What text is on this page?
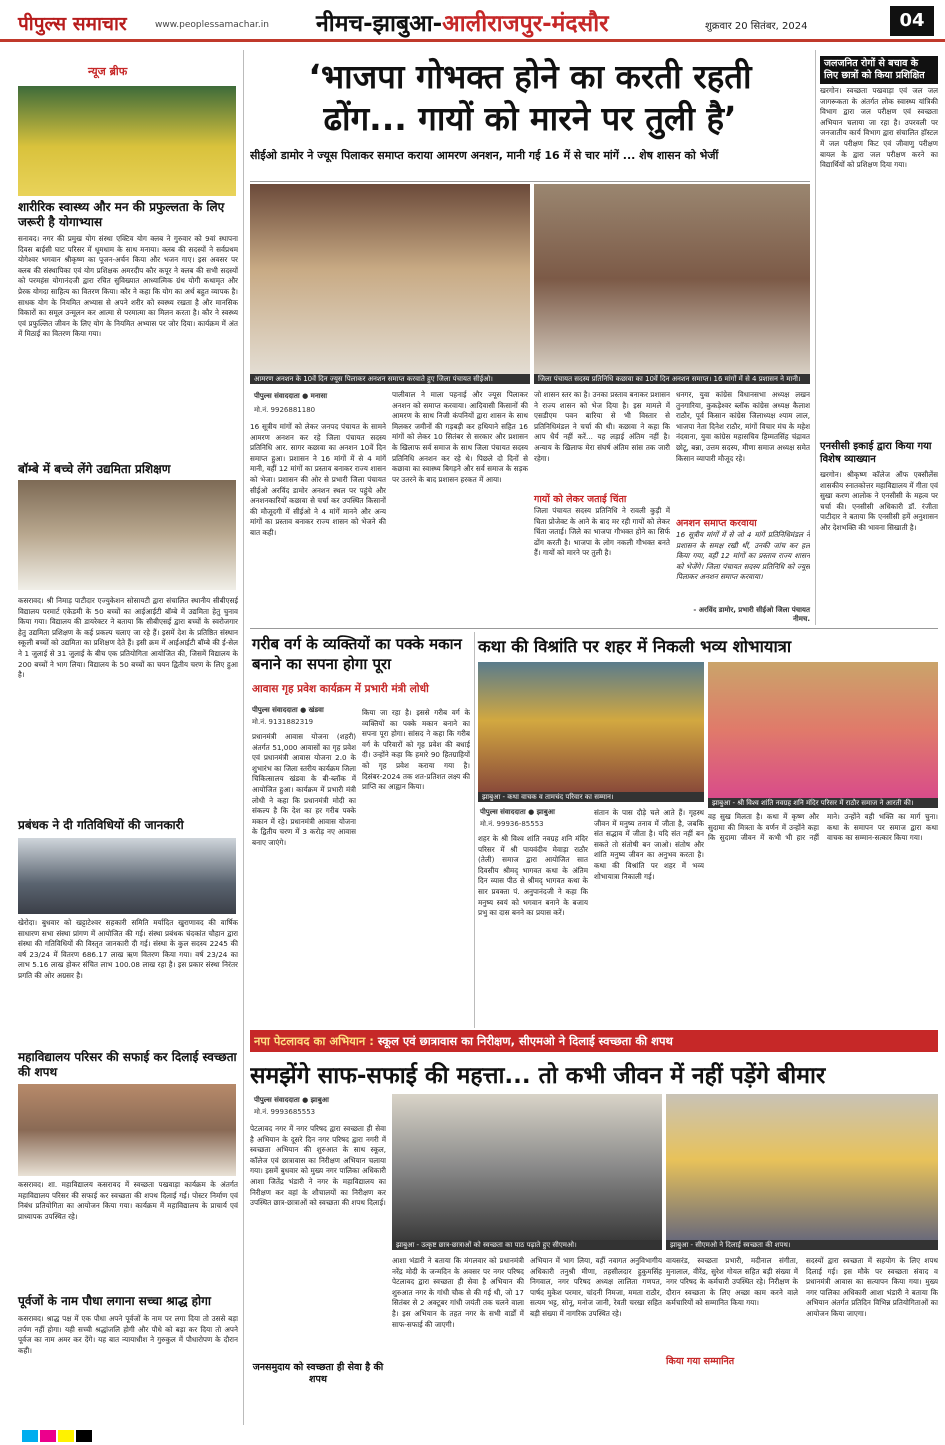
पीपुल्स समाचार	www.peoplessamachar.in नीमच-झाबुआ-आलीराजपुर-मंदसौर	शुक्रवार 20 सितंबर, 2024	04
न्यूज ब्रीफ
शारीरिक स्वास्थ्य और मन की प्रफुल्लता के लिए जरूरी है योगाभ्यास
सनावद। नगर की प्रमुख योग संस्था एक्टिव योग क्लब ने गुरुवार को 9वां स्थापना दिवस बाईसी घाट परिसर में धूमधाम के साथ मनाया। क्लब की सदस्यों ने सर्वप्रथम योगेश्वर भगवान श्रीकृष्ण का पूजन-अर्चन किया और भजन गाए। इस अवसर पर क्लब की संस्थापिका एवं योग प्रशिक्षक अमरदीप कौर कपूर ने क्लब की सभी सदस्यों को परमहंस योगानंदजी द्वारा रचित सुविख्यात आध्यात्मिक ग्रंथ योगी कथामृत और प्रेरक योगदा साहित्य का वितरण किया। कौर ने कहा कि योग का अर्थ बहुत व्यापक है। साधक योग के नियमित अभ्यास से अपने शरीर को स्वस्थ्य रखता है और मानसिक विकारों का समूल उन्मूलन कर आत्मा से परमात्मा का मिलन करता है। कौर ने स्वस्थ्य एवं प्रफुल्लित जीवन के लिए योग के नियमित अभ्यास पर जोर दिया। कार्यक्रम में अंत में मिठाई का वितरण किया गया।
बॉम्बे में बच्चे लेंगे उद्यमिता प्रशिक्षण
कसरावद। श्री निमाड़ पाटीदार एज्युकेशन सोसायटी द्वारा संचालित स्थानीय सीबीएसई विद्यालय परमार्ट एकेडमी के 50 बच्चों का आईआईटी बॉम्बे में उद्यमिता हेतु चुनाव किया गया। विद्यालय की डायरेक्टर ने बताया कि सीबीएसई द्वारा बच्चों के स्वरोजगार हेतु उद्यमिता प्रशिक्षण के कई प्रकल्प चलाए जा रहे हैं। इसमें देश के प्रतिष्ठित संस्थान स्कूली बच्चों को उद्यमिता का प्रशिक्षण देते हैं। इसी क्रम में आईआईटी बॉम्बे की ई-सेल ने 1 जुलाई से 31 जुलाई के बीच एक प्रतियोगिता आयोजित की, जिसमें विद्यालय के 200 बच्चों ने भाग लिया। विद्यालय के 50 बच्चों का चयन द्वितीय चरण के लिए हुआ है।
प्रबंधक ने दी गतिविधियों की जानकारी
खेरोदा। बुधवार को खट्टाटेश्वर सहकारी समिति मर्यादित खुराणावद की वार्षिक साधारण सभा संस्था प्रांगण में आयोजित की गई। संस्था प्रबंधक चंदकांत चौहान द्वारा संस्था की गतिविधियों की विस्तृत जानकारी दी गई। संस्था के कुल सदस्य 2245 की वर्ष 23/24 में वितरण 686.17 लाख ऋण वितरण किया गया। वर्ष 23/24 का लाभ 5.16 लाख होकर संचित लाभ 100.08 लाख रहा है। इस प्रकार संस्था निरंतर प्रगति की ओर अग्रसर है।
महाविद्यालय परिसर की सफाई कर दिलाई स्वच्छता की शपथ
कसरावद। शा. महाविद्यालय कसरावद में स्वच्छता पखवाड़ा कार्यक्रम के अंतर्गत महाविद्यालय परिसर की सफाई कर स्वच्छता की शपथ दिलाई गई। पोस्टर निर्माण एवं निबंध प्रतियोगिता का आयोजन किया गया। कार्यक्रम में महाविद्यालय के प्राचार्य एवं प्राध्यापक उपस्थित रहे।
पूर्वजों के नाम पौधा लगाना सच्चा श्राद्ध होगा
कसरावद। श्राद्ध पक्ष में एक पौधा अपने पूर्वजों के नाम पर लगा दिया तो उससे बड़ा तर्पण नहीं होगा। यही सच्ची श्रद्धांजलि होगी और पौधे को बड़ा कर दिया तो अपने पूर्वज का नाम अमर कर देंगे। यह बात न्यायाधीश ने गुरुकुल में पौधारोपण के दौरान कही।
‘भाजपा गोभक्त होने का करती रहती
ढोंग... गायों को मारने पर तुली है’
सीईओ डामोर ने ज्यूस पिलाकर समाप्त कराया आमरण अनशन, मानी गई 16 में से चार मांगें ... शेष शासन को भेजीं
आमरण अनशन के 10वें दिन ज्यूस पिलाकर अनशन समाप्त करवाते हुए जिला पंचायत सीईओ।	जिला पंचायत सदस्य प्रतिनिधि कछावा का 10वें दिन अनशन समाप्त। 16 मांगों में से 4 प्रशासन ने मानी।
पीपुल्स संवाददाता ● मनासा
मो.नं. 9926881180
16 सूत्रीय मांगों को लेकर जनपद पंचायत के सामने आमरण अनशन कर रहे जिला पंचायत सदस्य प्रतिनिधि आर. सागर कछावा का अनशन 10वें दिन समाप्त हुआ। प्रशासन ने 16 मांगों में से 4 मांगें मानी, वहीं 12 मांगों का प्रस्ताव बनाकर राज्य शासन को भेजा। प्रशासन की ओर से प्रभारी जिला पंचायत सीईओ अरविंद डामोर अनशन स्थल पर पहुंचे और अनशनकारियों कछावा से चर्चा कर उपस्थित किसानों की मौजूदगी में सीईओ ने 4 मांगें मानने और अन्य मांगों का प्रस्ताव बनाकर राज्य शासन को भेजने की बात कही।
पालीवाल ने माला पहनाई और ज्यूस पिलाकर अनशन को समाप्त करवाया। आदिवासी किसानों की आमरण के साथ निजी कंपनियों द्वारा शासन के साथ मिलकर जमीनों की गड़बड़ी कर हथियाने सहित 16 मांगों को लेकर 10 सितंबर से सरकार और प्रशासन के खिलाफ सर्व समाज के साथ जिला पंचायत सदस्य प्रतिनिधि अनशन कर रहे थे। पिछले दो दिनों से कछावा का स्वास्थ्य बिगड़ने और सर्व समाज के सड़क पर उतरने के बाद प्रशासन हरकत में आया।
जो शासन स्तर का है। उनका प्रस्ताव बनाकर प्रशासन ने राज्य शासन को भेज दिया है। इस मामले में एसडीएम पवन बारिया से भी विस्तार से प्रतिनिधिमंडल ने चर्चा की थी। कछावा ने कहा कि आप धैर्य नहीं करें... यह लड़ाई अंतिम नहीं है। अन्याय के खिलाफ मेरा संघर्ष अंतिम सांस तक जारी रहेगा।
गायों को लेकर जताई चिंता
जिला पंचायत सदस्य प्रतिनिधि ने रावली कुड़ी में चिता प्रोजेक्ट के आने के बाद मर रही गायों को लेकर चिंता जताई। जिले का भाजपा गौभक्त होने का सिर्फ ढोंग करती है। भाजपा के लोग नकली गौभक्त बनते हैं। गायों को मारने पर तुली है।
धनगर, युवा कांग्रेस विधानसभा अध्यक्ष लखन तुनगारिया, कुकड़ेश्वर ब्लॉक कांग्रेस अध्यक्ष कैलाश राठौर, पूर्व किसान कांग्रेस जिलाध्यक्ष श्याम लाल, भाजपा नेता दिनेश राठौर, मांगों विचार मंच के महेश नंदवाना, युवा कांग्रेस महासचिव हिम्मतसिंह चंद्रावत छोटू, बन्ना, उत्तम सदस्य, मीणा समाज अध्यक्ष समेत किसान व्यापारी मौजूद रहे।
अनशन समाप्त करवाया
16 सूत्रीय मांगों में से जो 4 मांगें प्रतिनिधिमंडल ने प्रशासन के समक्ष रखी थीं, उनकी जांच कर हल किया गया, वहीं 12 मांगों का प्रस्ताव राज्य शासन को भेजेंगे। जिला पंचायत सदस्य प्रतिनिधि को ज्यूस पिलाकर अनशन समाप्त करवाया।
- अरविंद डामोर, प्रभारी सीईओ जिला पंचायत नीमच.
जलजनित रोगों से बचाव के लिए छात्रों को किया प्रशिक्षित
खरगोन। स्वच्छता पखवाड़ा एवं जल जल जागरूकता के अंतर्गत लोक स्वास्थ्य यांत्रिकी विभाग द्वारा जल परीक्षण एवं स्वच्छता अभियान चलाया जा रहा है। उपरवली पर जनजातीय कार्य विभाग द्वारा संचालित हॉस्टल में जल परीक्षण किट एवं जीवाणु परीक्षण बायल के द्वारा जल परीक्षण करने का विद्यार्थियों को प्रशिक्षण दिया गया।
एनसीसी इकाई द्वारा किया गया विशेष व्याख्यान
खरगोन। श्रीकृष्ण कॉलेज ऑफ एक्सीलेंस शासकीय स्नातकोत्तर महाविद्यालय में गीता एवं सुखा करण आलोक ने एनसीसी के महत्व पर चर्चा की। एनसीसी अधिकारी डॉ. रंजीता पाटीदार ने बताया कि एनसीसी हमें अनुशासन और देशभक्ति की भावना सिखाती है।
गरीब वर्ग के व्यक्तियों का पक्के मकान बनाने का सपना होगा पूरा
आवास गृह प्रवेश कार्यक्रम में प्रभारी मंत्री लोधी
पीपुल्स संवाददाता ● खंडवा
मो.नं. 9131882319
प्रधानमंत्री आवास योजना (शहरी) अंतर्गत 51,000 आवासों का गृह प्रवेश एवं प्रधानमंत्री आवास योजना 2.0 के शुभारंभ का जिला स्तरीय कार्यक्रम जिला चिकित्सालय खंडवा के बी-ब्लॉक में आयोजित हुआ। कार्यक्रम में प्रभारी मंत्री लोधी ने कहा कि प्रधानमंत्री मोदी का संकल्प है कि देश का हर गरीब पक्के मकान में रहे। प्रधानमंत्री आवास योजना के द्वितीय चरण में 3 करोड़ नए आवास बनाए जाएंगे।
किया जा रहा है। इससे गरीब वर्ग के व्यक्तियों का पक्के मकान बनाने का सपना पूरा होगा। सांसद ने कहा कि गरीब वर्ग के परिवारों को गृह प्रवेश की बधाई दी। उन्होंने कहा कि हमारे 90 हितग्राहियों को गृह प्रवेश कराया गया है। दिसंबर-2024 तक शत-प्रतिशत लक्ष्य की प्राप्ति का आह्वान किया।
कथा की विश्रांति पर शहर में निकली भव्य शोभायात्रा
झाबुआ - कथा वाचक व तामचंद परिवार का सम्मान।
झाबुआ - श्री विश्व शांति नवग्रह शनि मंदिर परिसर में राठौर समाज ने आरती की।
पीपुल्स संवाददाता ● झाबुआ
मो.नं. 99936-85553
शहर के श्री विश्व शांति नवग्रह शनि मंदिर परिसर में श्री पायवंदीय मेवाड़ा राठौर (तेली) समाज द्वारा आयोजित सात दिवसीय श्रीमद् भागवत कथा के अंतिम दिन व्यास पीठ से श्रीमद् भागवत कथा के सार प्रवक्ता पं. अनुपानंदजी ने कहा कि मनुष्य स्वयं को भगवान बनाने के बजाय प्रभु का दास बनने का प्रयास करें।
संतान के पास दौड़े चले आते हैं। गृहस्थ जीवन में मनुष्य तनाव में जीता है, जबकि संत सद्भाव में जीता है। यदि संत नहीं बन सकते तो संतोषी बन जाओ। संतोष और शांति मनुष्य जीवन का अनुभव करता है। कथा की विश्रांति पर शहर में भव्य शोभायात्रा निकाली गई।
वह सुख मिलता है। कथा में कृष्ण और सुदामा की मित्रता के वर्णन में उन्होंने कहा कि सुदामा जीवन में कभी भी हार नहीं माने। उन्होंने वही भक्ति का मार्ग चुना। कथा के समापन पर समाज द्वारा कथा वाचक का सम्मान-सत्कार किया गया।
नपा पेटलावद का अभियान : स्कूल एवं छात्रावास का निरीक्षण, सीएमओ ने दिलाई स्वच्छता की शपथ
समझेंगे साफ-सफाई की महत्ता... तो कभी जीवन में नहीं पड़ेंगे बीमार
पीपुल्स संवाददाता ● झाबुआ
मो.नं. 9993685553
पेटलावद नगर में नगर परिषद द्वारा स्वच्छता ही सेवा है अभियान के दूसरे दिन नगर परिषद द्वारा नगरी में स्वच्छता अभियान की शुरुआत के साथ स्कूल, कॉलेज एवं छात्रावास का निरीक्षण अभियान चलाया गया। इसमें बुधवार को मुख्य नगर पालिका अधिकारी आशा जितेंद्र भंडारी ने नगर के महाविद्यालय का निरीक्षण कर वहां के शौचालयों का निरीक्षण कर उपस्थित छात्र-छात्राओं को स्वच्छता की शपथ दिलाई।
जनसमुदाय को स्वच्छता ही सेवा है की शपथ
झाबुआ - उत्कृष्ट छात्र-छात्राओं को स्वच्छता का पाठ पढ़ाते हुए सीएमओ।	झाबुआ - सीएमओ ने दिलाई स्वच्छता की शपथ।
आशा भंडारी ने बताया कि मंगलवार को प्रधानमंत्री नरेंद्र मोदी के जन्मदिन के अवसर पर नगर परिषद पेटलावद द्वारा स्वच्छता ही सेवा है अभियान की शुरुआत नगर के गांधी चौक से की गई थी, जो 17 सितंबर से 2 अक्टूबर गांधी जयंती तक चलने वाला है। इस अभियान के तहत नगर के सभी वार्डों में साफ-सफाई की जाएगी।
अभियान में भाग लिया, वहीं नवागत अनुविभागीय अधिकारी तनुश्री मीणा, तहसीलदार हुकुमसिंह निगवाल, नगर परिषद अध्यक्ष लालिता गणपत, पार्षद मुकेश परमार, चांदनी निमजा, ममता राठौर, सत्यम भट्ट, सोनू, मनोज जानी, रेवती चरखा सहित बड़ी संख्या में नागरिक उपस्थित रहे।
वायसरंड, स्वच्छता प्रभारी, मदीनाल संगीता, मुनालाल, वीरेंद्र, सुरेश गोयल सहित बड़ी संख्या में नगर परिषद के कर्मचारी उपस्थित रहे। निरीक्षण के दौरान स्वच्छता के लिए अच्छा काम करने वाले कर्मचारियों को सम्मानित किया गया।
किया गया सम्मानित
सदस्यों द्वारा स्वच्छता में सहयोग के लिए शपथ दिलाई गई। इस मौके पर स्वच्छता संवाद व प्रधानमंत्री आवास का सत्यापन किया गया। मुख्य नगर पालिका अधिकारी आशा भंडारी ने बताया कि अभियान अंतर्गत प्रतिदिन विभिन्न प्रतियोगिताओं का आयोजन किया जाएगा।
